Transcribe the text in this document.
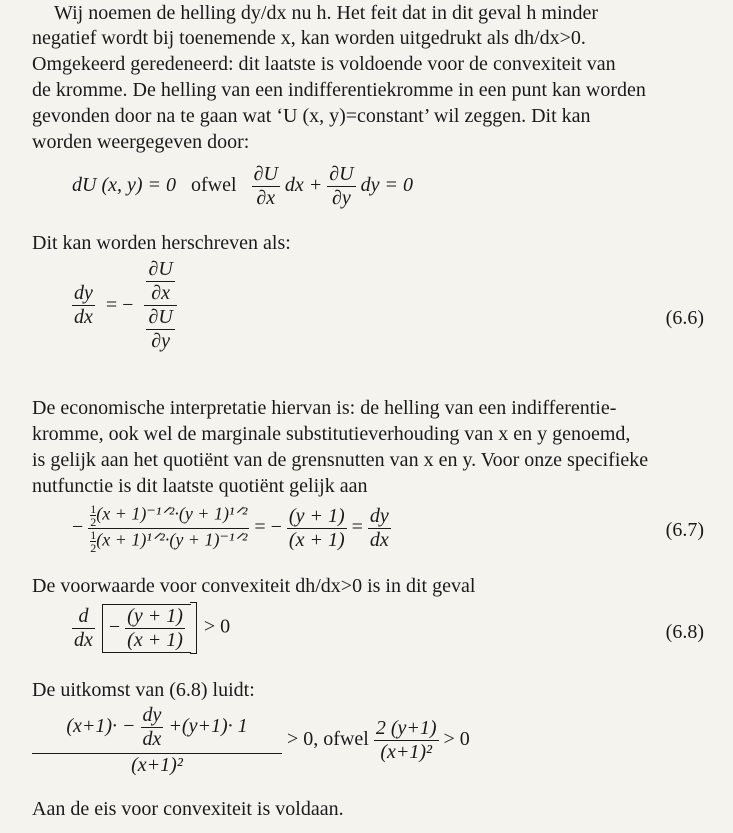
Wij noemen de helling dy/dx nu h. Het feit dat in dit geval h minder
negatief wordt bij toenemende x, kan worden uitgedrukt als dh/dx>0.
Omgekeerd geredeneerd: dit laatste is voldoende voor de convexiteit van
de kromme. De helling van een indifferentiekromme in een punt kan worden
gevonden door na te gaan wat ‘U (x, y)=constant’ wil zeggen. Dit kan
worden weergegeven door:
dU (x, y) = 0 ofwel $\frac{\partial U}{\partial x}$ dx + $\frac{\partial U}{\partial y}$ dy = 0
Dit kan worden herschreven als:
$\frac{dy}{dx}$ = − $\frac{\frac{\partial U}{\partial x}}{\frac{\partial U}{\partial y}}$	(6.6)
De economische interpretatie hiervan is: de helling van een indifferentie-
kromme, ook wel de marginale substitutieverhouding van x en y genoemd,
is gelijk aan het quotiënt van de grensnutten van x en y. Voor onze specifieke
nutfunctie is dit laatste quotiënt gelijk aan
− $\frac{\frac{1}{2} (x + 1)^{-1}ᐟ^2\cdot(y + 1)^1ᐟ^2}{\frac{1}{2} (x + 1)^1ᐟ^2\cdot(y + 1)^{-1}ᐟ^2}$ = − $\frac{(y + 1)}{(x + 1)} = \frac{dy}{dx}$	(6.7)
De voorwaarde voor convexiteit dh/dx>0 is in dit geval
$\frac{d}{dx} - \frac{(y + 1)}{(x + 1)} > 0$	(6.8)
De uitkomst van (6.8) luidt:
$(x+1)\cdot - \frac{dy}{dx} +(y+1)\cdot 1$
(x+1)²
> 0, ofwel $\frac{2 (y+1)}{\text{(x+1)²}} > 0$
Aan de eis voor convexiteit is voldaan.
